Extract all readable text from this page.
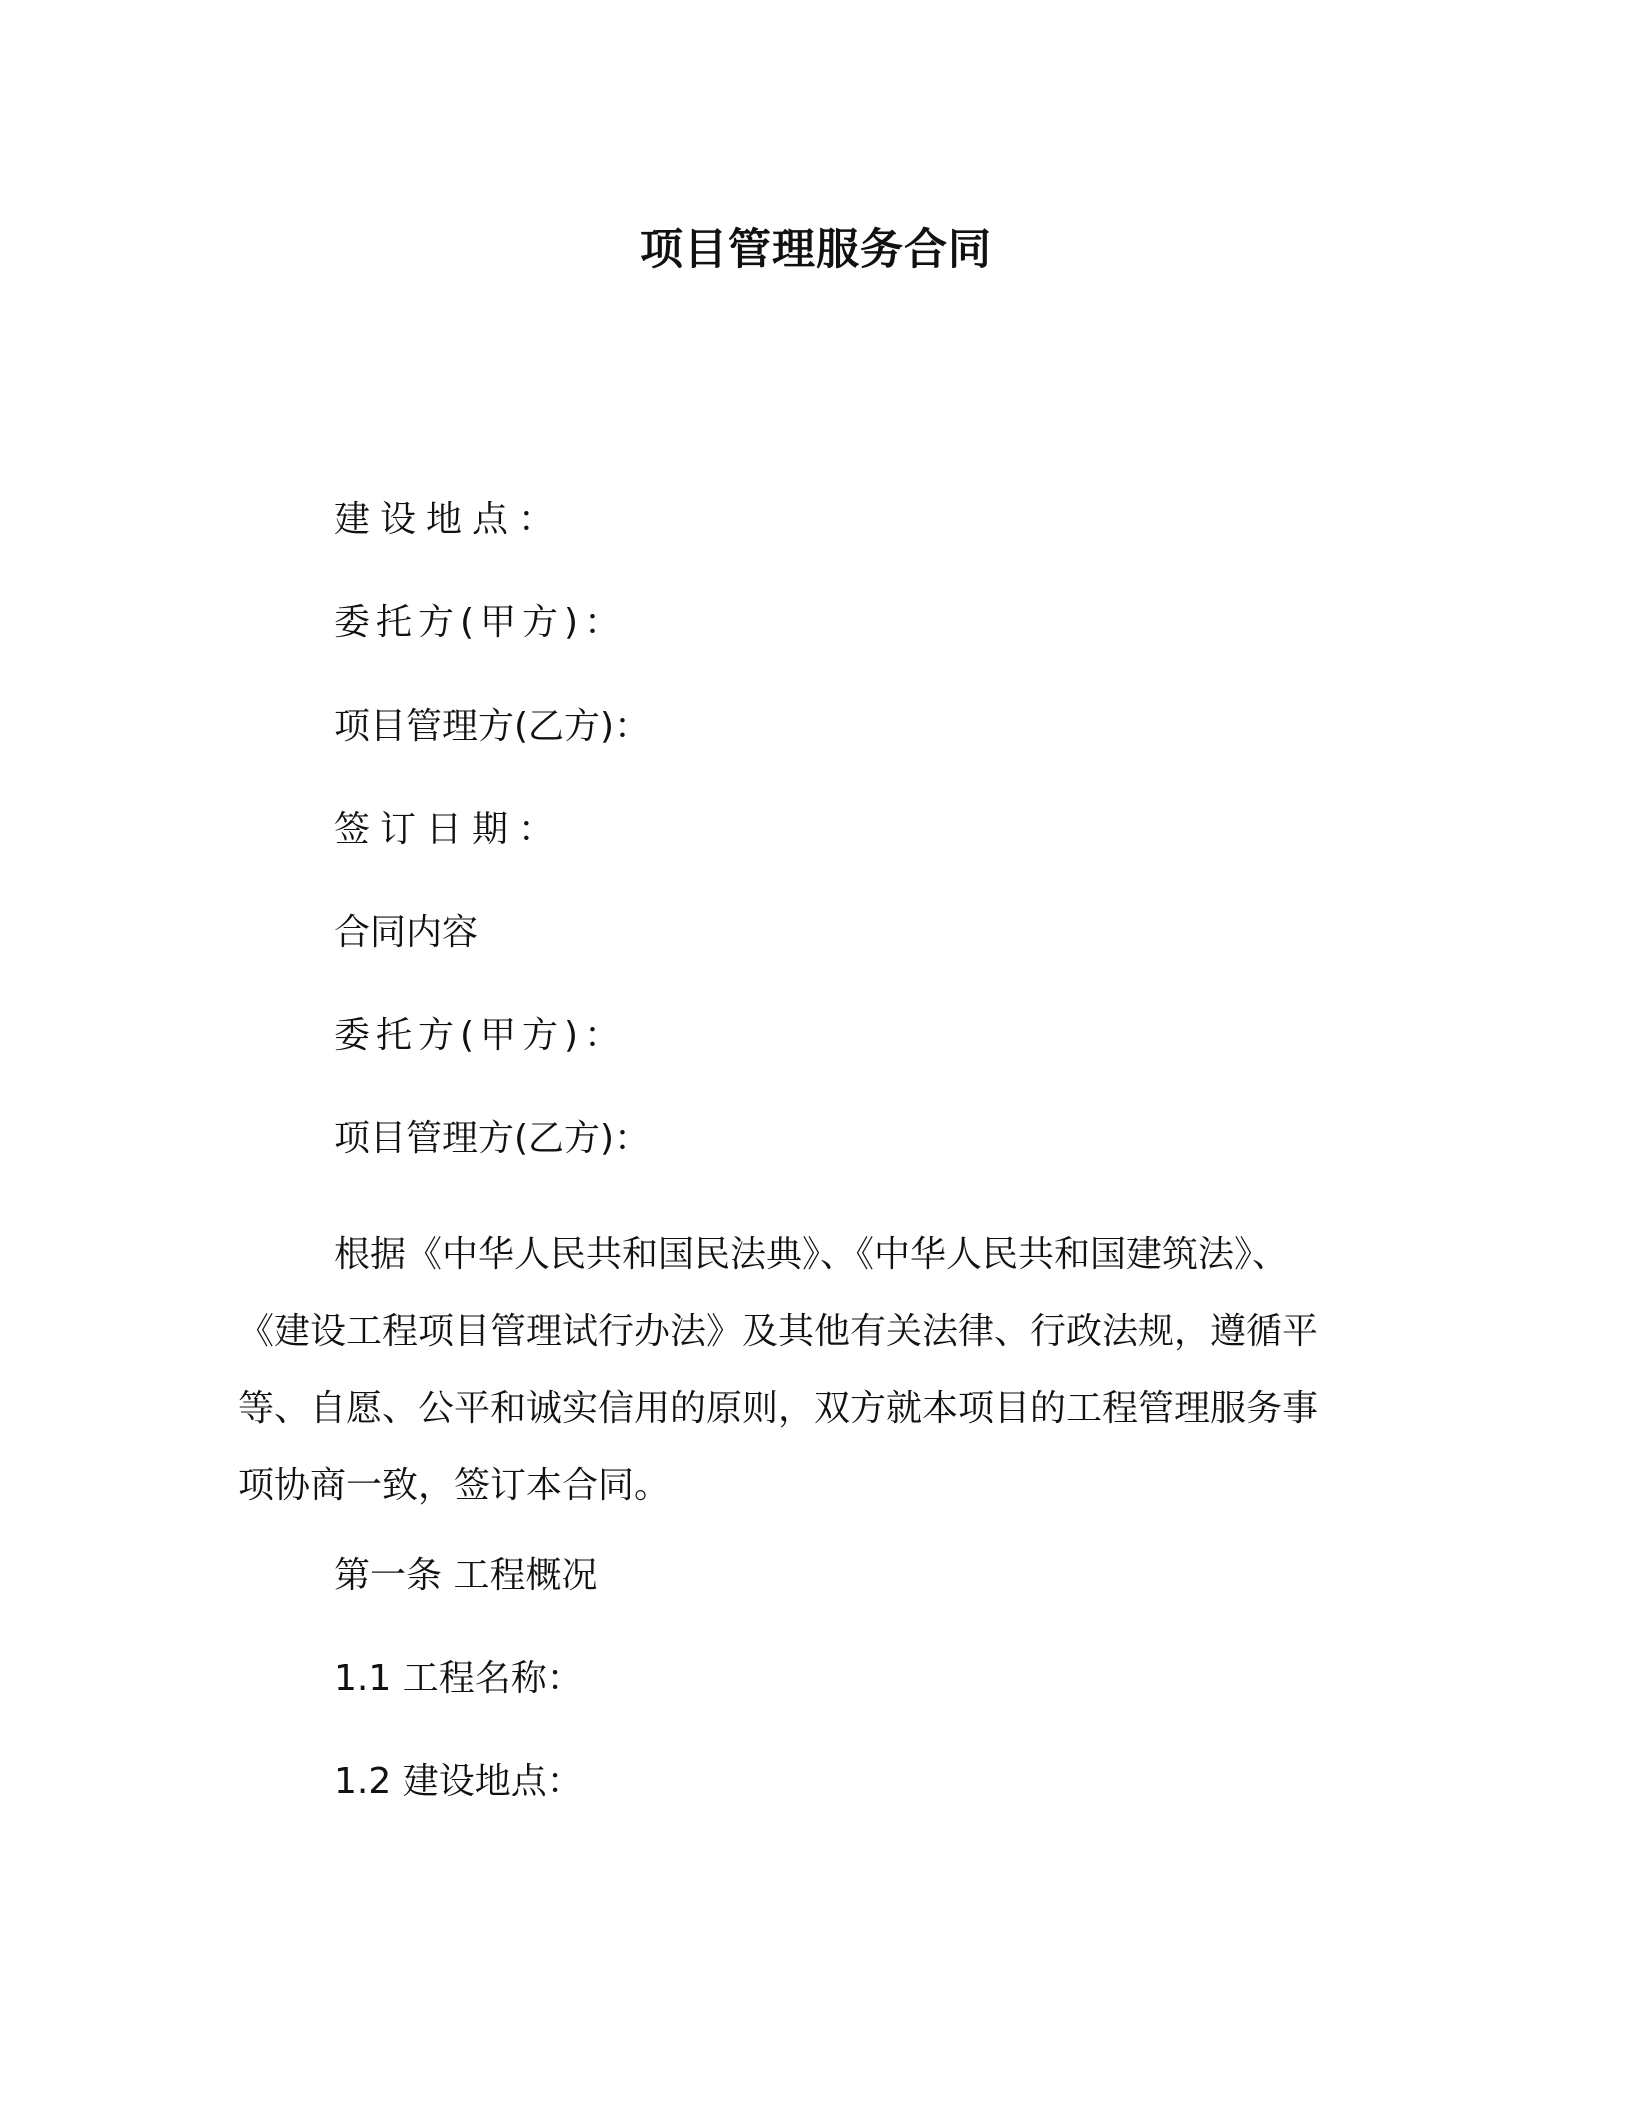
项目管理服务合同

建设地点：

委托方(甲方)：

项目管理方(乙方)：

签订日期：

合同内容

委托方(甲方)：

项目管理方(乙方)：

根据《中华人民共和国民法典》、《中华人民共和国建筑法》、
《建设工程项目管理试行办法》及其他有关法律、行政法规，遵循平
等、自愿、公平和诚实信用的原则，双方就本项目的工程管理服务事
项协商一致，签订本合同。

第一条 工程概况

1.1 工程名称：

1.2 建设地点：
